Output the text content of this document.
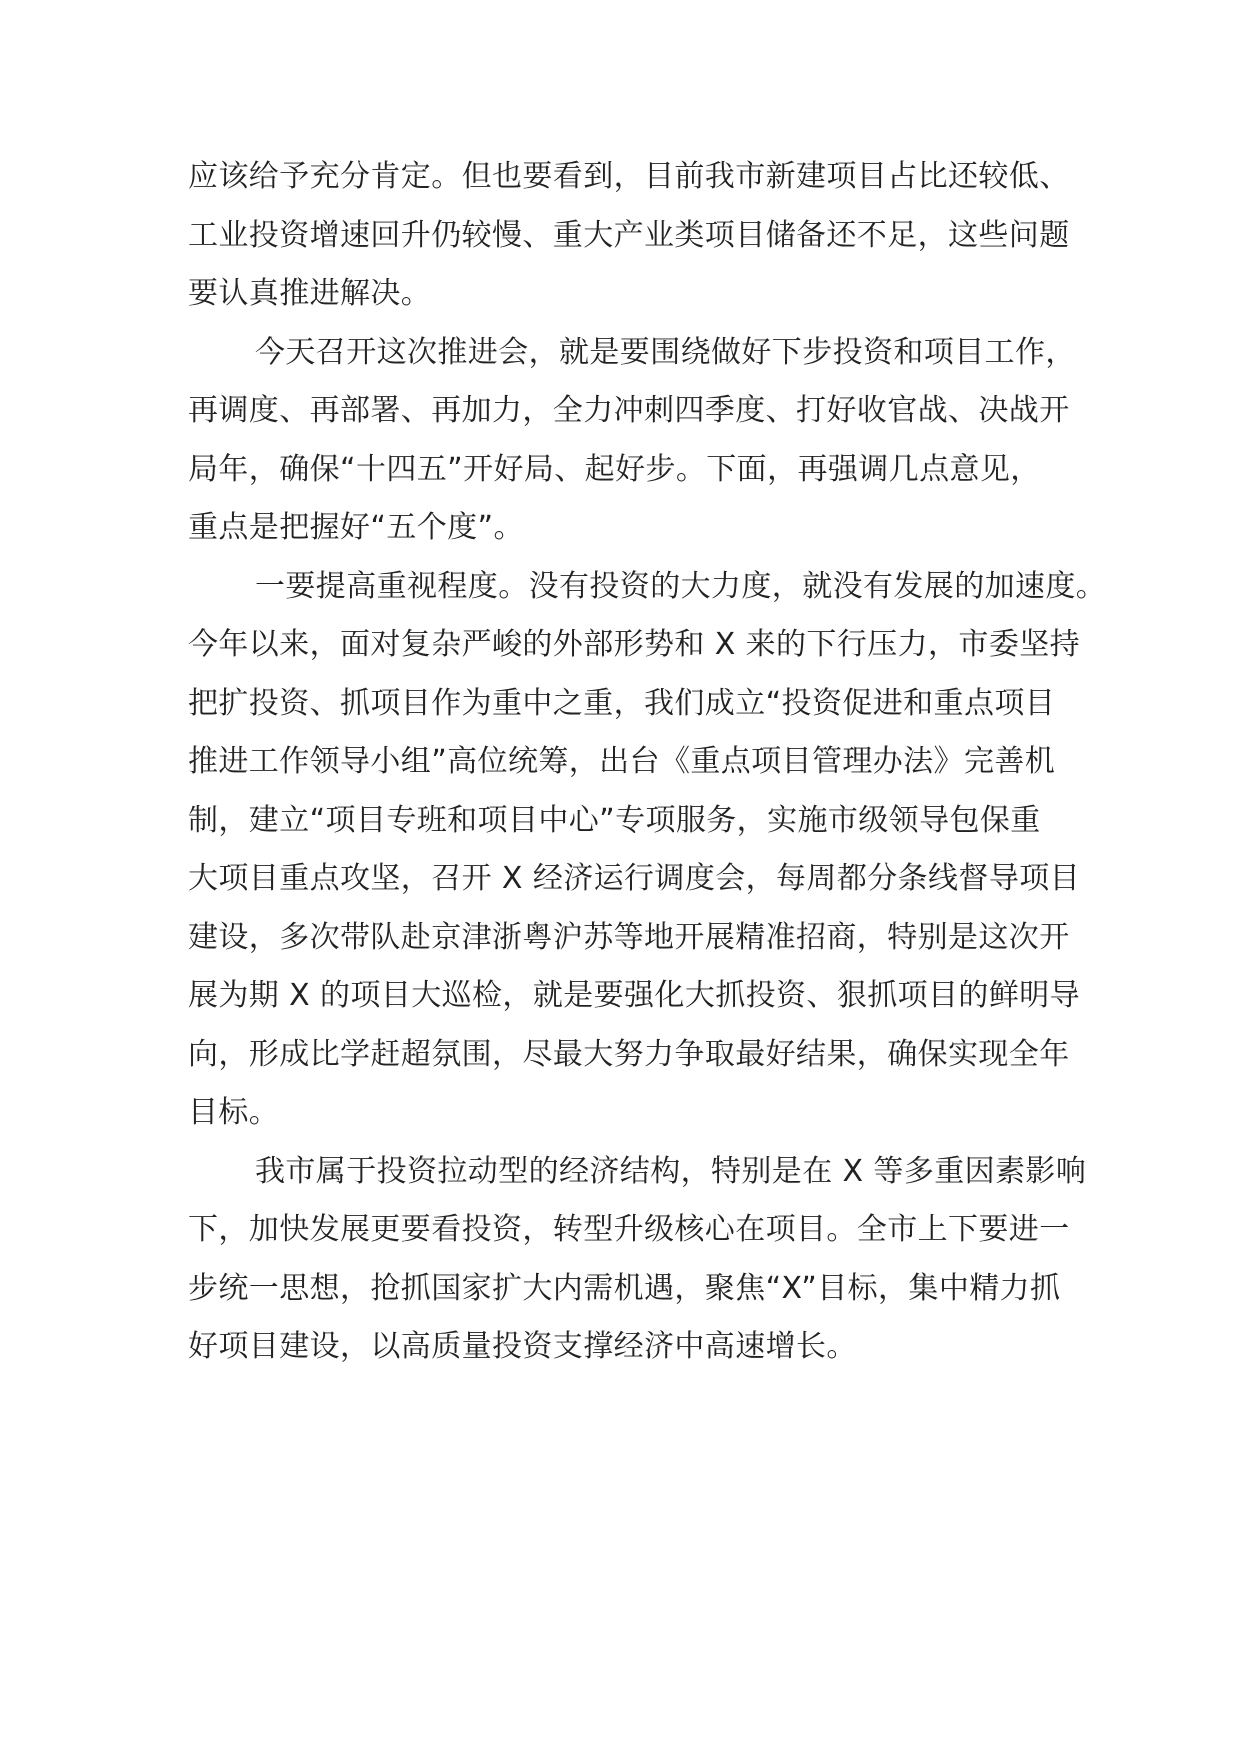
应该给予充分肯定。但也要看到，目前我市新建项目占比还较低、
工业投资增速回升仍较慢、重大产业类项目储备还不足，这些问题
要认真推进解决。
今天召开这次推进会，就是要围绕做好下步投资和项目工作，
再调度、再部署、再加力，全力冲刺四季度、打好收官战、决战开
局年，确保“十四五”开好局、起好步。下面，再强调几点意见，
重点是把握好“五个度”。
一要提高重视程度。没有投资的大力度，就没有发展的加速度。
今年以来，面对复杂严峻的外部形势和 X 来的下行压力，市委坚持
把扩投资、抓项目作为重中之重，我们成立“投资促进和重点项目
推进工作领导小组”高位统筹，出台《重点项目管理办法》完善机
制，建立“项目专班和项目中心”专项服务，实施市级领导包保重
大项目重点攻坚，召开 X 经济运行调度会，每周都分条线督导项目
建设，多次带队赴京津浙粤沪苏等地开展精准招商，特别是这次开
展为期 X 的项目大巡检，就是要强化大抓投资、狠抓项目的鲜明导
向，形成比学赶超氛围，尽最大努力争取最好结果，确保实现全年
目标。
我市属于投资拉动型的经济结构，特别是在 X 等多重因素影响
下，加快发展更要看投资，转型升级核心在项目。全市上下要进一
步统一思想，抢抓国家扩大内需机遇，聚焦“X”目标，集中精力抓
好项目建设，以高质量投资支撑经济中高速增长。
